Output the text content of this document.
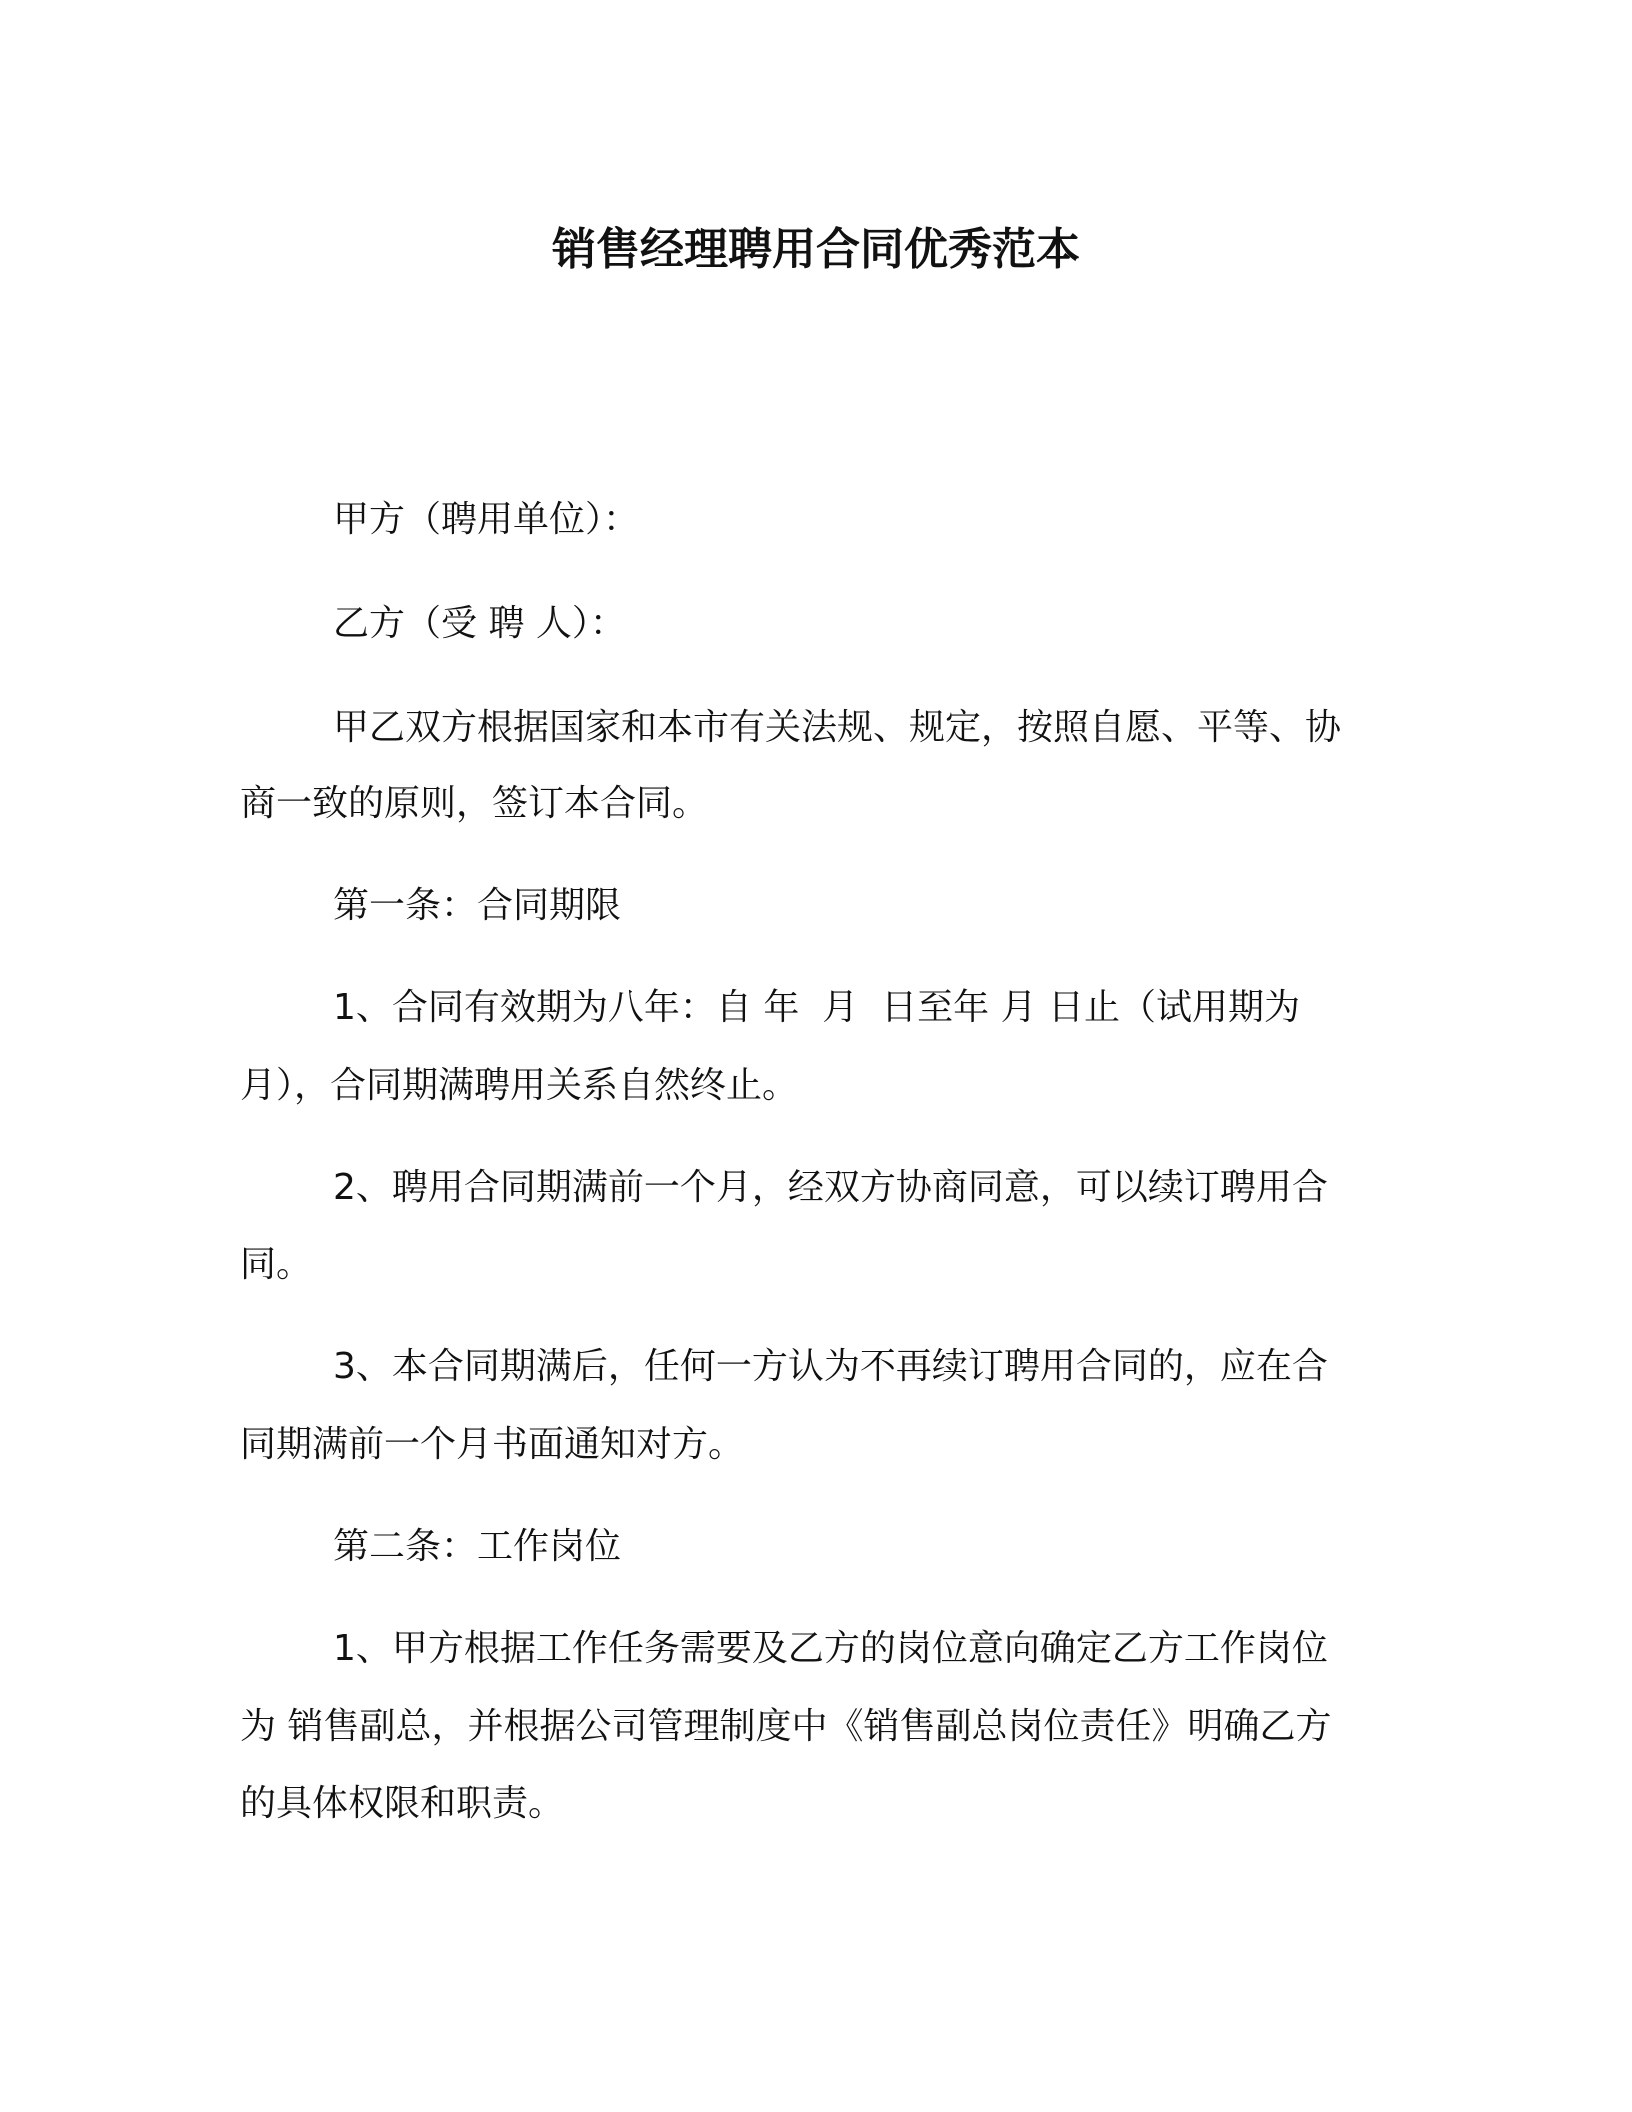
销售经理聘用合同优秀范本
甲方（聘用单位）：
乙方（受 聘 人）：
甲乙双方根据国家和本市有关法规、规定，按照自愿、平等、协
商一致的原则，签订本合同。
第一条：合同期限
1、合同有效期为八年：自 年  月  日至年 月 日止（试用期为
月），合同期满聘用关系自然终止。
2、聘用合同期满前一个月，经双方协商同意，可以续订聘用合
同。
3、本合同期满后，任何一方认为不再续订聘用合同的，应在合
同期满前一个月书面通知对方。
第二条：工作岗位
1、甲方根据工作任务需要及乙方的岗位意向确定乙方工作岗位
为 销售副总，并根据公司管理制度中《销售副总岗位责任》明确乙方
的具体权限和职责。
